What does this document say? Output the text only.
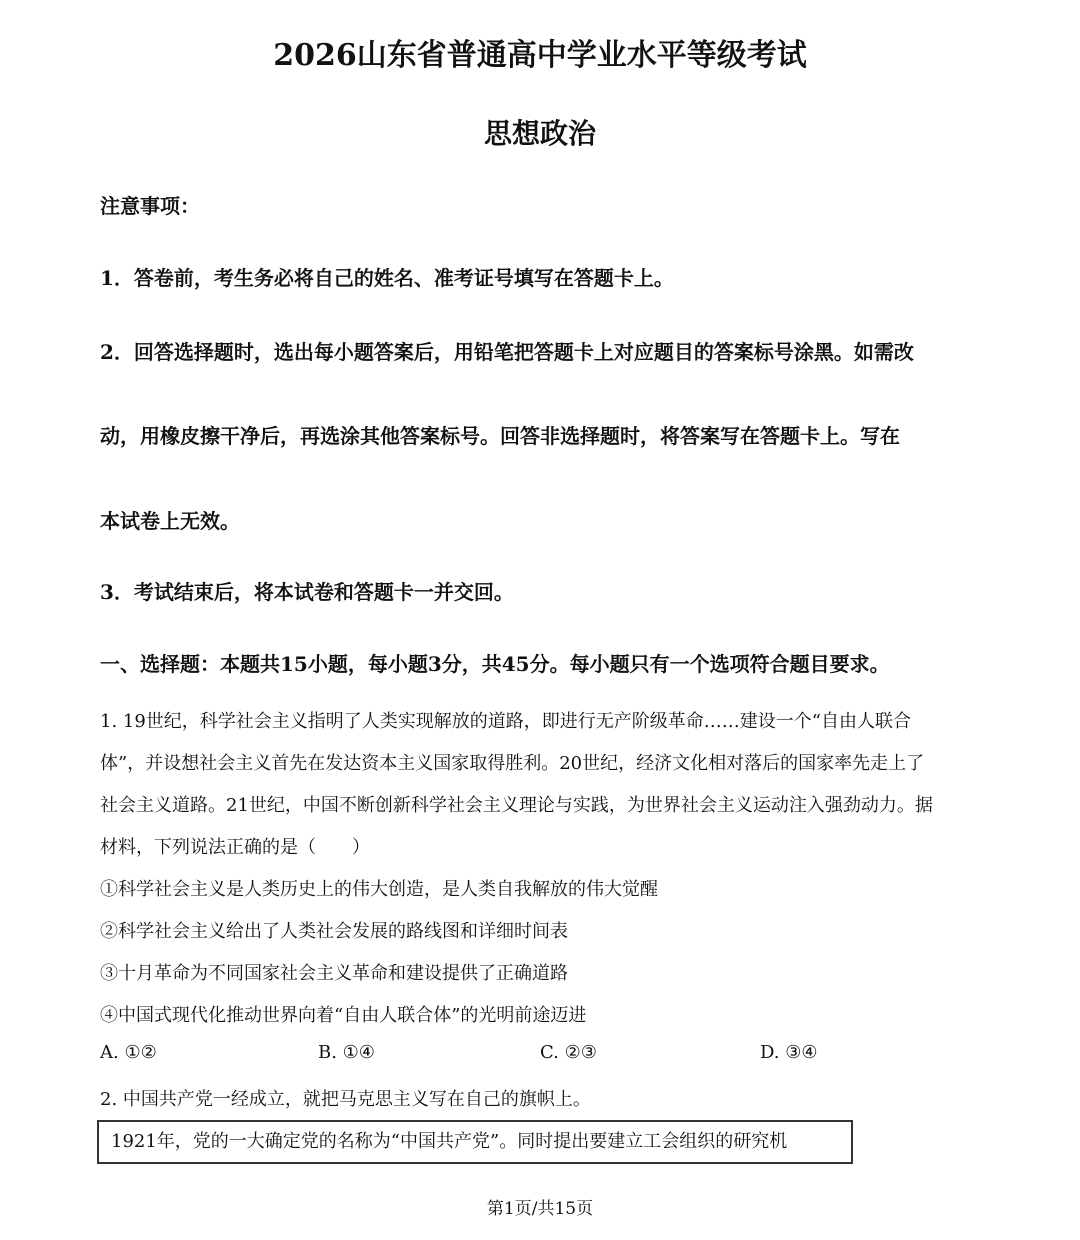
2026山东省普通高中学业水平等级考试
思想政治
注意事项：
1．答卷前，考生务必将自己的姓名、准考证号填写在答题卡上。
2．回答选择题时，选出每小题答案后，用铅笔把答题卡上对应题目的答案标号涂黑。如需改
动，用橡皮擦干净后，再选涂其他答案标号。回答非选择题时，将答案写在答题卡上。写在
本试卷上无效。
3．考试结束后，将本试卷和答题卡一并交回。
一、选择题：本题共15小题，每小题3分，共45分。每小题只有一个选项符合题目要求。
1. 19世纪，科学社会主义指明了人类实现解放的道路，即进行无产阶级革命……建设一个“自由人联合
体”，并设想社会主义首先在发达资本主义国家取得胜利。20世纪，经济文化相对落后的国家率先走上了
社会主义道路。21世纪，中国不断创新科学社会主义理论与实践，为世界社会主义运动注入强劲动力。据
材料，下列说法正确的是（　　）
①科学社会主义是人类历史上的伟大创造，是人类自我解放的伟大觉醒
②科学社会主义给出了人类社会发展的路线图和详细时间表
③十月革命为不同国家社会主义革命和建设提供了正确道路
④中国式现代化推动世界向着“自由人联合体”的光明前途迈进
A. ①②	B. ①④	C. ②③	D. ③④
2. 中国共产党一经成立，就把马克思主义写在自己的旗帜上。
1921年，党的一大确定党的名称为“中国共产党”。同时提出要建立工会组织的研究机
第1页/共15页
